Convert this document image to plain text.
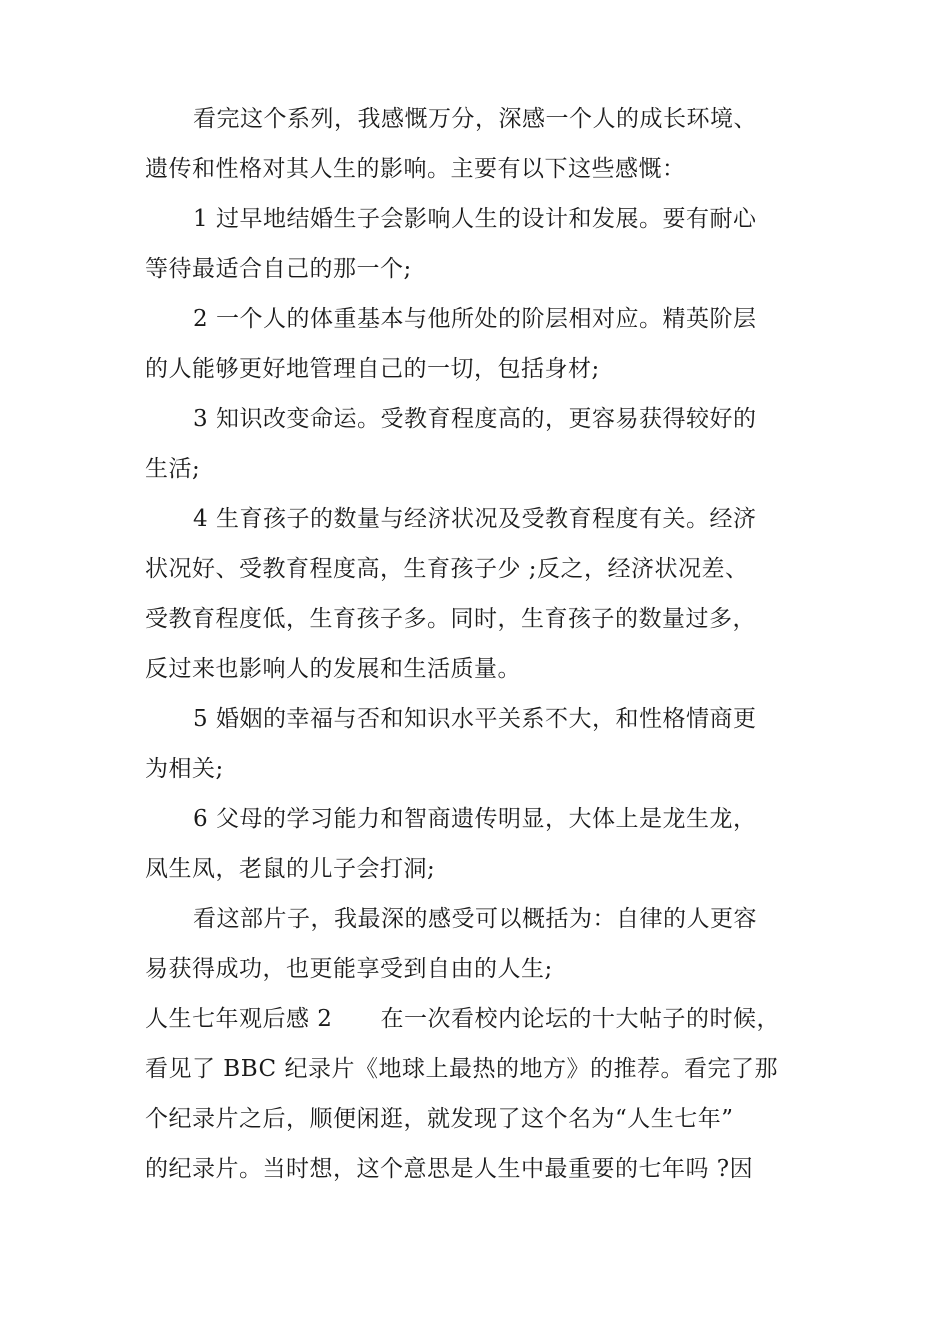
看完这个系列，我感慨万分，深感一个人的成长环境、
遗传和性格对其人生的影响。主要有以下这些感慨：
1 过早地结婚生子会影响人生的设计和发展。要有耐心
等待最适合自己的那一个;
2 一个人的体重基本与他所处的阶层相对应。精英阶层
的人能够更好地管理自己的一切，包括身材;
3 知识改变命运。受教育程度高的，更容易获得较好的
生活;
4 生育孩子的数量与经济状况及受教育程度有关。经济
状况好、受教育程度高，生育孩子少 ;反之，经济状况差、
受教育程度低，生育孩子多。同时，生育孩子的数量过多，
反过来也影响人的发展和生活质量。
5 婚姻的幸福与否和知识水平关系不大，和性格情商更
为相关;
6 父母的学习能力和智商遗传明显，大体上是龙生龙，
凤生凤，老鼠的儿子会打洞;
看这部片子，我最深的感受可以概括为：自律的人更容
易获得成功，也更能享受到自由的人生;
人生七年观后感 2 在一次看校内论坛的十大帖子的时候，
看见了 BBC 纪录片《地球上最热的地方》的推荐。看完了那
个纪录片之后，顺便闲逛，就发现了这个名为“人生七年”
的纪录片。当时想，这个意思是人生中最重要的七年吗 ?因
